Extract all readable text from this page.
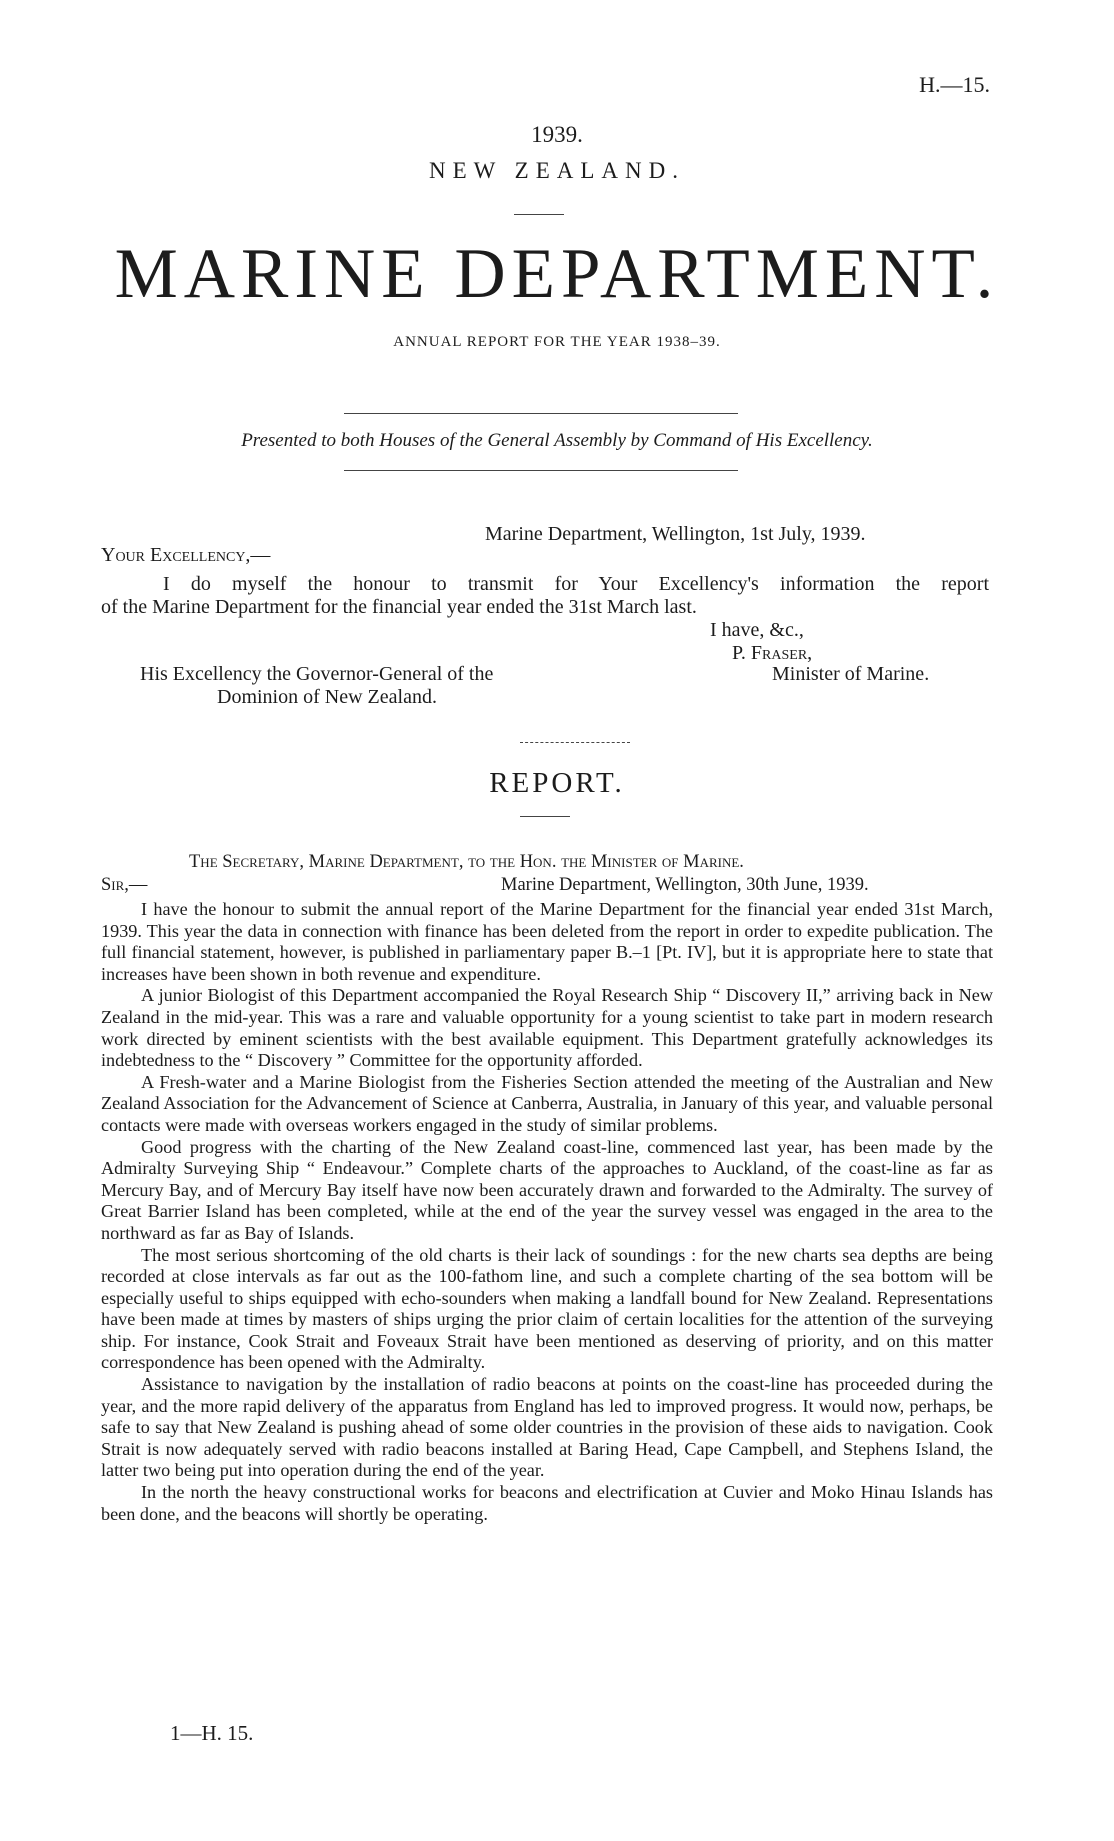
H.—15.
1939.
NEW ZEALAND.
MARINE DEPARTMENT.
ANNUAL REPORT FOR THE YEAR 1938–39.
Presented to both Houses of the General Assembly by Command of His Excellency.
Marine Department, Wellington, 1st July, 1939.
Your Excellency,—
I do myself the honour to transmit for Your Excellency's information the report
of the Marine Department for the financial year ended the 31st March last.
I have, &c.,
P. Fraser,
His Excellency the Governor-General of the	Minister of Marine.
Dominion of New Zealand.
REPORT.
The Secretary, Marine Department, to the Hon. the Minister of Marine.
Sir,—	Marine Department, Wellington, 30th June, 1939.

I have the honour to submit the annual report of the Marine Department for the financial year ended 31st March, 1939. This year the data in connection with finance has been deleted from the report in order to expedite publication. The full financial statement, however, is published in parliamentary paper B.–1 [Pt. IV], but it is appropriate here to state that increases have been shown in both revenue and expenditure.

A junior Biologist of this Department accompanied the Royal Research Ship “ Discovery II,” arriving back in New Zealand in the mid-year. This was a rare and valuable opportunity for a young scientist to take part in modern research work directed by eminent scientists with the best available equipment. This Department gratefully acknowledges its indebtedness to the “ Discovery ” Committee for the opportunity afforded.

A Fresh-water and a Marine Biologist from the Fisheries Section attended the meeting of the Australian and New Zealand Association for the Advancement of Science at Canberra, Australia, in January of this year, and valuable personal contacts were made with overseas workers engaged in the study of similar problems.

Good progress with the charting of the New Zealand coast-line, commenced last year, has been made by the Admiralty Surveying Ship “ Endeavour.” Complete charts of the approaches to Auckland, of the coast-line as far as Mercury Bay, and of Mercury Bay itself have now been accurately drawn and forwarded to the Admiralty. The survey of Great Barrier Island has been completed, while at the end of the year the survey vessel was engaged in the area to the northward as far as Bay of Islands.

The most serious shortcoming of the old charts is their lack of soundings : for the new charts sea depths are being recorded at close intervals as far out as the 100-fathom line, and such a complete charting of the sea bottom will be especially useful to ships equipped with echo-sounders when making a landfall bound for New Zealand. Representations have been made at times by masters of ships urging the prior claim of certain localities for the attention of the surveying ship. For instance, Cook Strait and Foveaux Strait have been mentioned as deserving of priority, and on this matter correspondence has been opened with the Admiralty.

Assistance to navigation by the installation of radio beacons at points on the coast-line has proceeded during the year, and the more rapid delivery of the apparatus from England has led to improved progress. It would now, perhaps, be safe to say that New Zealand is pushing ahead of some older countries in the provision of these aids to navigation. Cook Strait is now adequately served with radio beacons installed at Baring Head, Cape Campbell, and Stephens Island, the latter two being put into operation during the end of the year.

In the north the heavy constructional works for beacons and electrification at Cuvier and Moko Hinau Islands has been done, and the beacons will shortly be operating.

1—H. 15.
